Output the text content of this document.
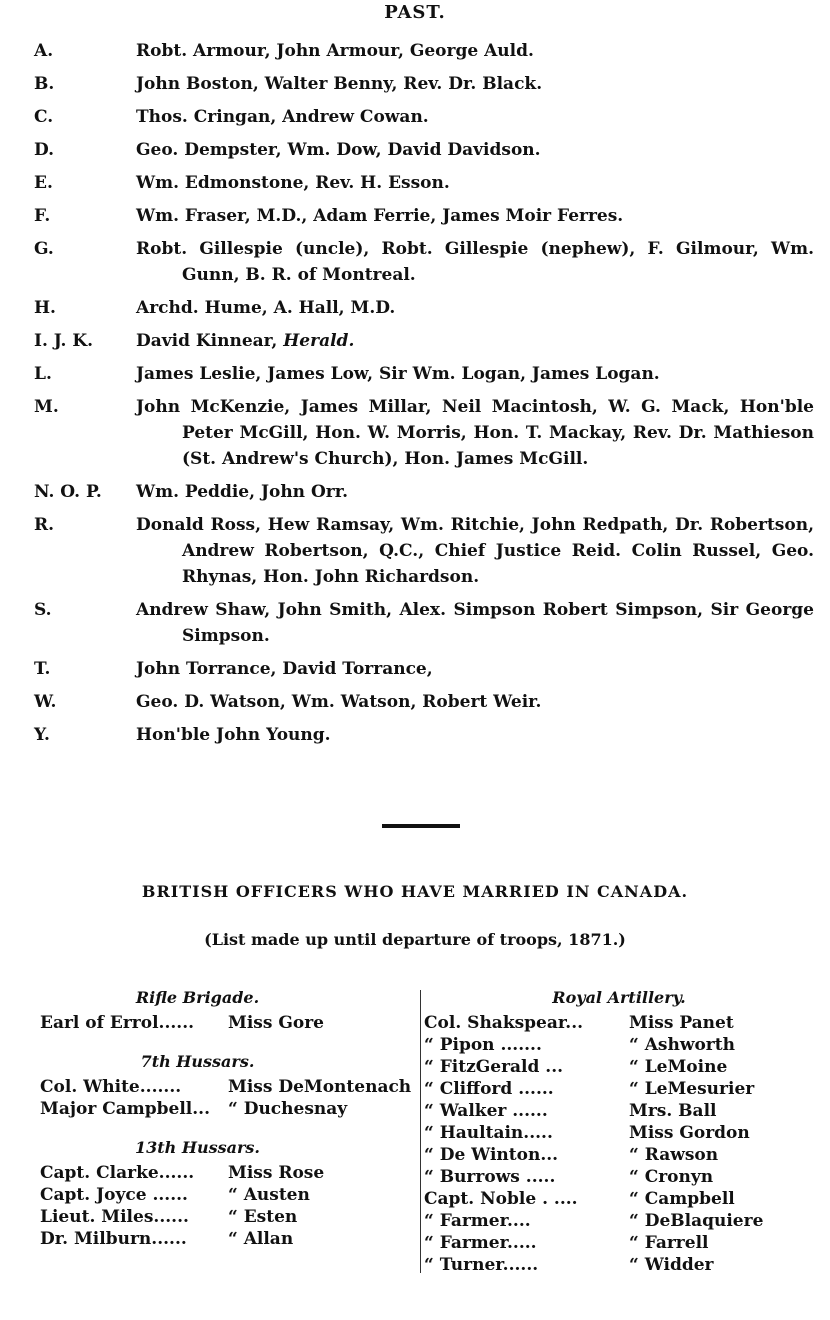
PAST.
A.	Robt. Armour, John Armour, George Auld.
B.	John Boston, Walter Benny, Rev. Dr. Black.
C.	Thos. Cringan, Andrew Cowan.
D.	Geo. Dempster, Wm. Dow, David Davidson.
E.	Wm. Edmonstone, Rev. H. Esson.
F.	Wm. Fraser, M.D., Adam Ferrie, James Moir Ferres.
G.	Robt. Gillespie (uncle), Robt. Gillespie (nephew), F. Gilmour, Wm. Gunn, B. R. of Montreal.
H.	Archd. Hume, A. Hall, M.D.
I. J. K.	David Kinnear, Herald.
L.	James Leslie, James Low, Sir Wm. Logan, James Logan.
M.	John McKenzie, James Millar, Neil Macintosh, W. G. Mack, Hon'ble Peter McGill, Hon. W. Morris, Hon. T. Mackay, Rev. Dr. Mathieson (St. Andrew's Church), Hon. James McGill.
N. O. P. Wm. Peddie, John Orr.
R.	Donald Ross, Hew Ramsay, Wm. Ritchie, John Redpath, Dr. Robertson, Andrew Robertson, Q.C., Chief Justice Reid. Colin Russel, Geo. Rhynas, Hon. John Richardson.
S.	Andrew Shaw, John Smith, Alex. Simpson Robert Simpson, Sir George Simpson.
T.	John Torrance, David Torrance,
W.	Geo. D. Watson, Wm. Watson, Robert Weir.
Y.	Hon'ble John Young.
BRITISH OFFICERS WHO HAVE MARRIED IN CANADA.
(List made up until departure of troops, 1871.)
Rifle Brigade.
Earl of Errol......	Miss Gore
7th Hussars.
Col. White.......	Miss DeMontenach
Major Campbell...	“ Duchesnay
13th Hussars.
Capt. Clarke......	Miss Rose
Capt. Joyce ......	“ Austen
Lieut. Miles......	“ Esten
Dr. Milburn......	“ Allan
Royal Artillery.
Col. Shakspear...	Miss Panet
“ Pipon .......	“ Ashworth
“ FitzGerald ...	“ LeMoine
“ Clifford ......	“ LeMesurier
“ Walker ......	Mrs. Ball
“ Haultain.....	Miss Gordon
“ De Winton...	“ Rawson
“ Burrows .....	“ Cronyn
Capt. Noble . ....	“ Campbell
“ Farmer....	“ DeBlaquiere
“ Farmer.....	“ Farrell
“ Turner......	“ Widder
